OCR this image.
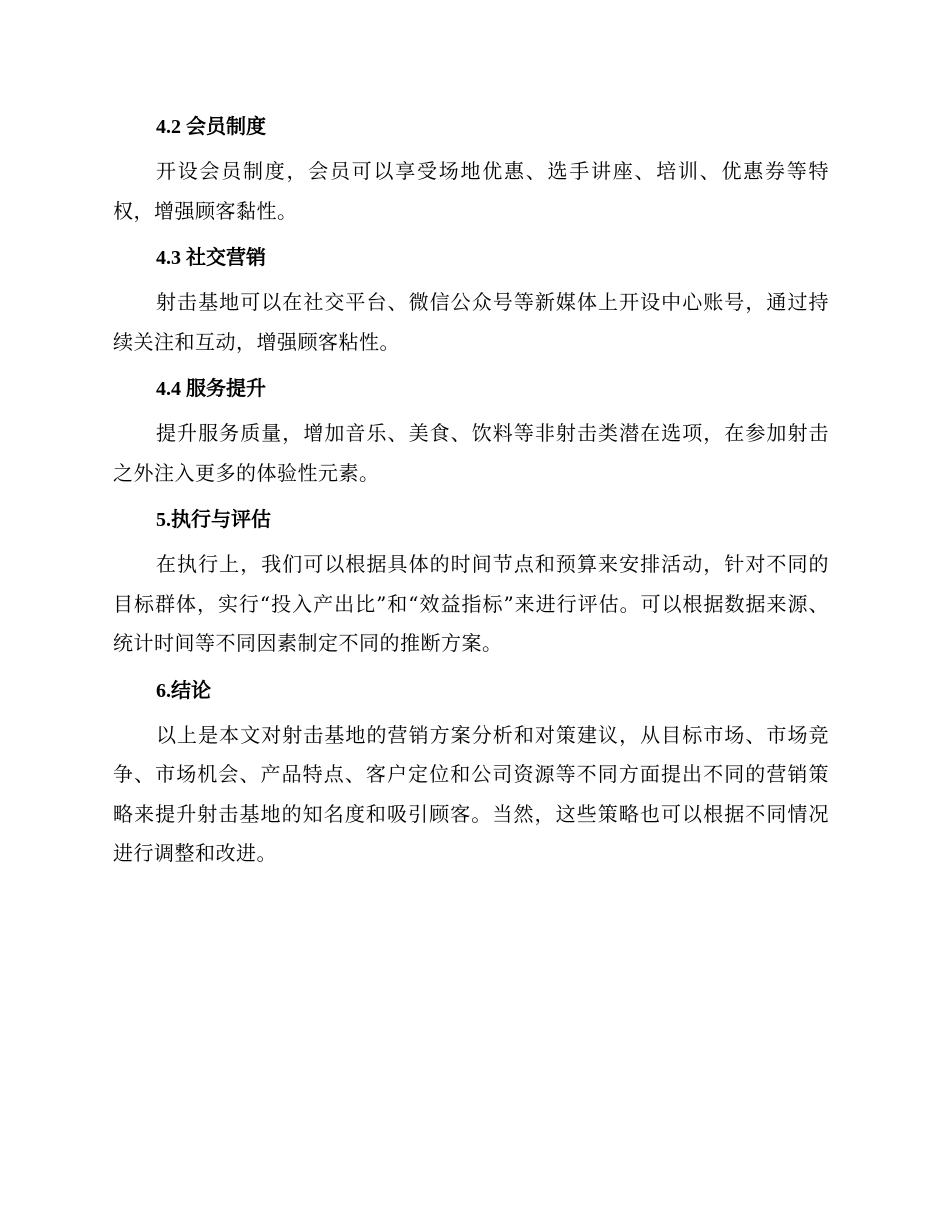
4.2 会员制度

开设会员制度，会员可以享受场地优惠、选手讲座、培训、优惠券等特权，增强顾客黏性。

4.3 社交营销

射击基地可以在社交平台、微信公众号等新媒体上开设中心账号，通过持续关注和互动，增强顾客粘性。

4.4 服务提升

提升服务质量，增加音乐、美食、饮料等非射击类潜在选项，在参加射击之外注入更多的体验性元素。

5.执行与评估

在执行上，我们可以根据具体的时间节点和预算来安排活动，针对不同的目标群体，实行“投入产出比”和“效益指标”来进行评估。可以根据数据来源、统计时间等不同因素制定不同的推断方案。

6.结论

以上是本文对射击基地的营销方案分析和对策建议，从目标市场、市场竞争、市场机会、产品特点、客户定位和公司资源等不同方面提出不同的营销策略来提升射击基地的知名度和吸引顾客。当然，这些策略也可以根据不同情况进行调整和改进。
